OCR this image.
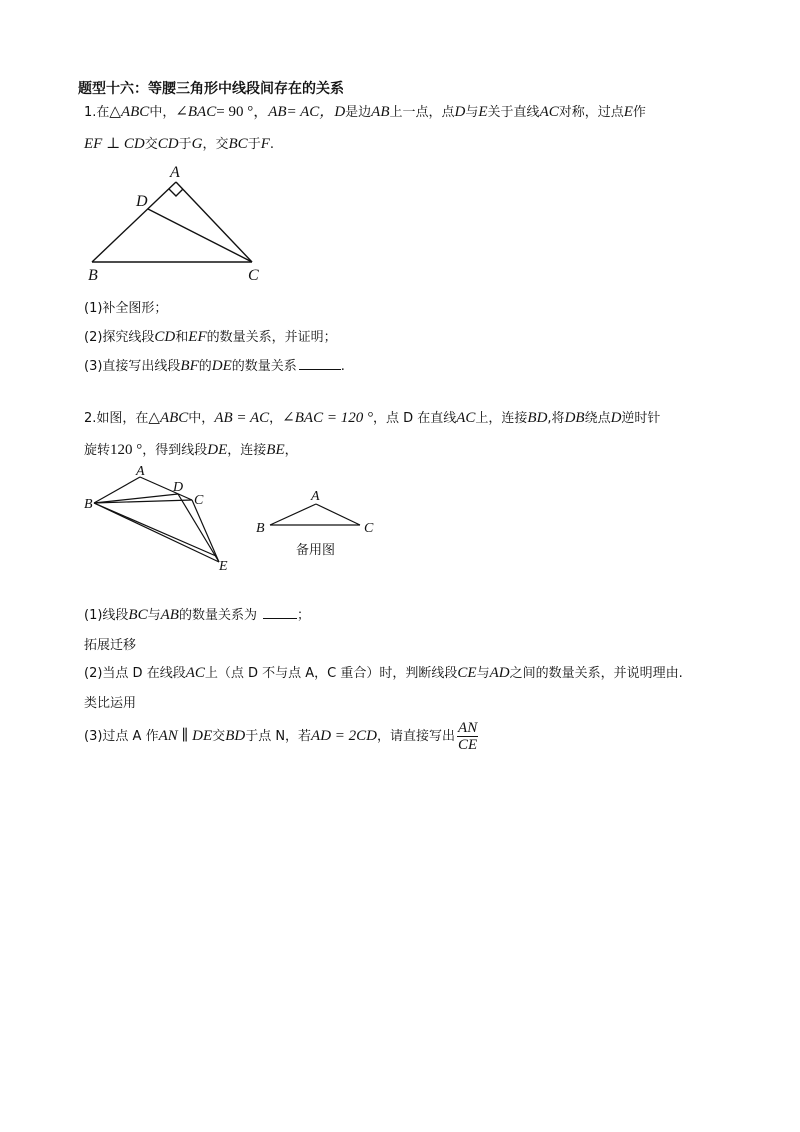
题型十六：等腰三角形中线段间存在的关系
1.在△ABC中，∠BAC= 90 °，AB= AC，D是边AB上一点，点D与E关于直线AC对称，过点E作
EF ⊥ CD交CD于G，交BC于F.
A
D
B	C
(1)补全图形；
(2)探究线段CD和EF的数量关系，并证明；
(3)直接写出线段BF的DE的数量关系	.
2.如图，在△ABC中，AB = AC，∠BAC = 120 °，点 D 在直线AC上，连接BD,将DB绕点D逆时针
旋转120 °，得到线段DE，连接BE，
A
D
C
B
E
A
B	C
备用图
(1)线段BC与AB的数量关系为	；
拓展迁移
(2)当点 D 在线段AC上（点 D 不与点 A，C 重合）时，判断线段CE与AD之间的数量关系，并说明理由.
类比运用
(3)过点 A 作AN ∥ DE交BD于点 N，若AD = 2CD，请直接写出 $\frac{AN}{CE}$
